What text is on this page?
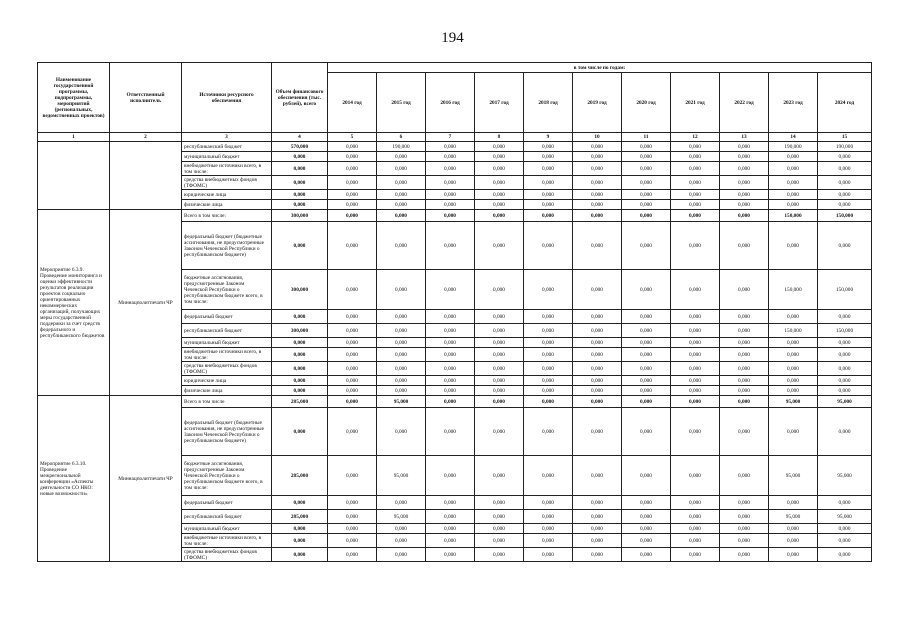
194
Наименование государственной программы, подпрограммы, мероприятий (региональных, ведомственных проектов)	Ответственный исполнитель	Источники ресурсного обеспечения	Объем финансового обеспечения (тыс. рублей), всего	в том числе по годам:										
				2014 год	2015 год	2016 год	2017 год	2018 год	2019 год	2020 год	2021 год	2022 год	2023 год	2024 год
1	2	3	4	5	6	7	8	9	10	11	12	13	14	15
		республиканский бюджет	570,000	0,000	190,000	0,000	0,000	0,000	0,000	0,000	0,000	0,000	190,000	190,000
		муниципальный бюджет	0,000	0,000	0,000	0,000	0,000	0,000	0,000	0,000	0,000	0,000	0,000	0,000
		внебюджетные источники всего, в том числе:	0,000	0,000	0,000	0,000	0,000	0,000	0,000	0,000	0,000	0,000	0,000	0,000
		средства внебюджетных фондов (ТФОМС)	0,000	0,000	0,000	0,000	0,000	0,000	0,000	0,000	0,000	0,000	0,000	0,000
		юридические лица	0,000	0,000	0,000	0,000	0,000	0,000	0,000	0,000	0,000	0,000	0,000	0,000
		физические лица	0,000	0,000	0,000	0,000	0,000	0,000	0,000	0,000	0,000	0,000	0,000	0,000
Мероприятие 6.3.9. Проведение мониторинга и оценки эффективности результатов реализации проектов социально ориентированных некоммерческих организаций, получающих меры государственной поддержки за счет средств федерального и республиканского бюджетов	Миннацполитпечати ЧР	Всего в том числе:	300,000	0,000	0,000	0,000	0,000	0,000	0,000	0,000	0,000	0,000	150,000	150,000
		федеральный бюджет (бюджетные ассигнования, не предусмотренные Законом Чеченской Республики о республиканском бюджете)	0,000	0,000	0,000	0,000	0,000	0,000	0,000	0,000	0,000	0,000	0,000	0,000
		бюджетные ассигнования, предусмотренные Законом Чеченской Республики о республиканском бюджете всего, в том числе:	300,000	0,000	0,000	0,000	0,000	0,000	0,000	0,000	0,000	0,000	150,000	150,000
		федеральный бюджет	0,000	0,000	0,000	0,000	0,000	0,000	0,000	0,000	0,000	0,000	0,000	0,000
		республиканский бюджет	300,000	0,000	0,000	0,000	0,000	0,000	0,000	0,000	0,000	0,000	150,000	150,000
		муниципальный бюджет	0,000	0,000	0,000	0,000	0,000	0,000	0,000	0,000	0,000	0,000	0,000	0,000
		внебюджетные источники всего, в том числе:	0,000	0,000	0,000	0,000	0,000	0,000	0,000	0,000	0,000	0,000	0,000	0,000
		средства внебюджетных фондов (ТФОМС)	0,000	0,000	0,000	0,000	0,000	0,000	0,000	0,000	0,000	0,000	0,000	0,000
		юридические лица	0,000	0,000	0,000	0,000	0,000	0,000	0,000	0,000	0,000	0,000	0,000	0,000
		физические лица	0,000	0,000	0,000	0,000	0,000	0,000	0,000	0,000	0,000	0,000	0,000	0,000
Мероприятие 6.3.10. Проведение межрегиональной конференции «Аспекты деятельности СО НКО: новые возможности»	Миннацполитпечати ЧР	Всего в том числе	285,000	0,000	95,000	0,000	0,000	0,000	0,000	0,000	0,000	0,000	95,000	95,000
		федеральный бюджет (бюджетные ассигнования, не предусмотренные Законом Чеченской Республики о республиканском бюджете)	0,000	0,000	0,000	0,000	0,000	0,000	0,000	0,000	0,000	0,000	0,000	0,000
		бюджетные ассигнования, предусмотренные Законом Чеченской Республики о республиканском бюджете всего, в том числе:	285,000	0,000	95,000	0,000	0,000	0,000	0,000	0,000	0,000	0,000	95,000	95,000
		федеральный бюджет	0,000	0,000	0,000	0,000	0,000	0,000	0,000	0,000	0,000	0,000	0,000	0,000
		республиканский бюджет	285,000	0,000	95,000	0,000	0,000	0,000	0,000	0,000	0,000	0,000	95,000	95,000
		муниципальный бюджет	0,000	0,000	0,000	0,000	0,000	0,000	0,000	0,000	0,000	0,000	0,000	0,000
		внебюджетные источники всего, в том числе:	0,000	0,000	0,000	0,000	0,000	0,000	0,000	0,000	0,000	0,000	0,000	0,000
		средства внебюджетных фондов (ТФОМС)	0,000	0,000	0,000	0,000	0,000	0,000	0,000	0,000	0,000	0,000	0,000	0,000
